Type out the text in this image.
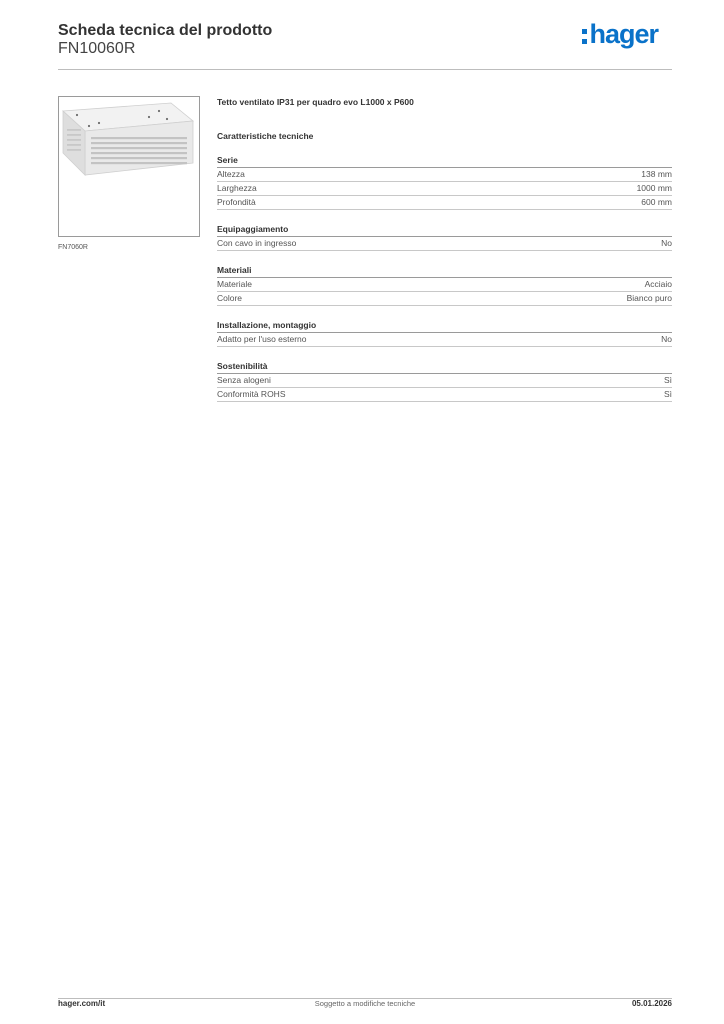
Scheda tecnica del prodotto
FN10060R	hager
FN7060R
Tetto ventilato IP31 per quadro evo L1000 x P600
Caratteristiche tecniche
Serie
Altezza	138 mm
Larghezza	1000 mm
Profondità	600 mm
Equipaggiamento
Con cavo in ingresso	No
Materiali
Materiale	Acciaio
Colore	Bianco puro
Installazione, montaggio
Adatto per l'uso esterno	No
Sostenibilità
Senza alogeni	Sì
Conformità ROHS	Sì
hager.com/it	Soggetto a modifiche tecniche	05.01.2026
